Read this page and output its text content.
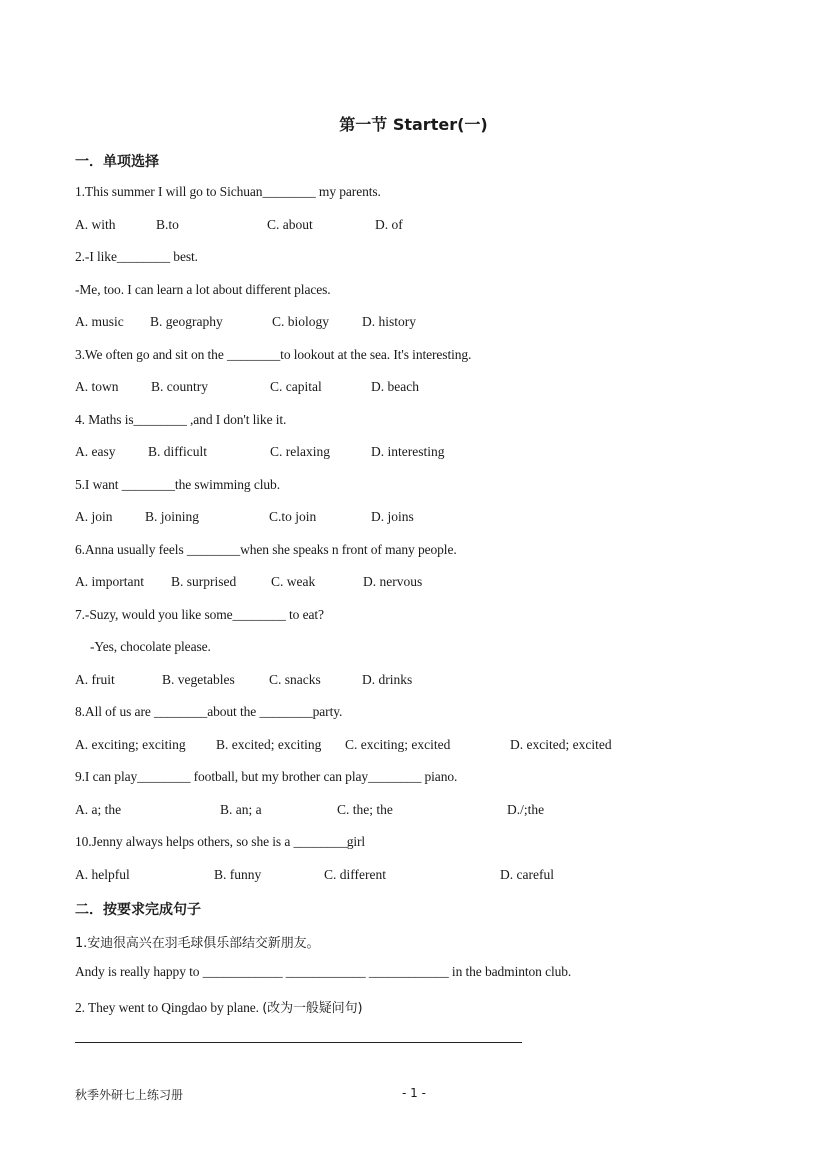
第一节 Starter(一)
一．单项选择
1.This summer I will go to Sichuan________ my parents.
A. with	B.to	C. about	D. of
2.-I like________ best.
-Me, too. I can learn a lot about different places.
A. music B. geography	C. biology D. history
3.We often go and sit on the ________to lookout at the sea. It's interesting.
A. town B. country	C. capital	D. beach
4. Maths is________ ,and I don't like it.
A. easy B. difficult	C. relaxing	D. interesting
5.I want ________the swimming club.
A. join B. joining	C.to join	D. joins
6.Anna usually feels ________when she speaks n front of many people.
A. important B. surprised	C. weak	D. nervous
7.-Suzy, would you like some________ to eat?
-Yes, chocolate please.
A. fruit	B. vegetables	C. snacks	D. drinks
8.All of us are ________about the ________party.
A. exciting; exciting B. excited; exciting C. exciting; excited	D. excited; excited
9.I can play________ football, but my brother can play________ piano.
A. a; the	B. an; a	C. the; the	D./;the
10.Jenny always helps others, so she is a ________girl
A. helpful	B. funny	C. different	D. careful
二．按要求完成句子
1.安迪很高兴在羽毛球俱乐部结交新朋友。
Andy is really happy to ____________ ____________ ____________ in the badminton club.
2. They went to Qingdao by plane. (改为一般疑问句)
秋季外研七上练习册	- 1 -
